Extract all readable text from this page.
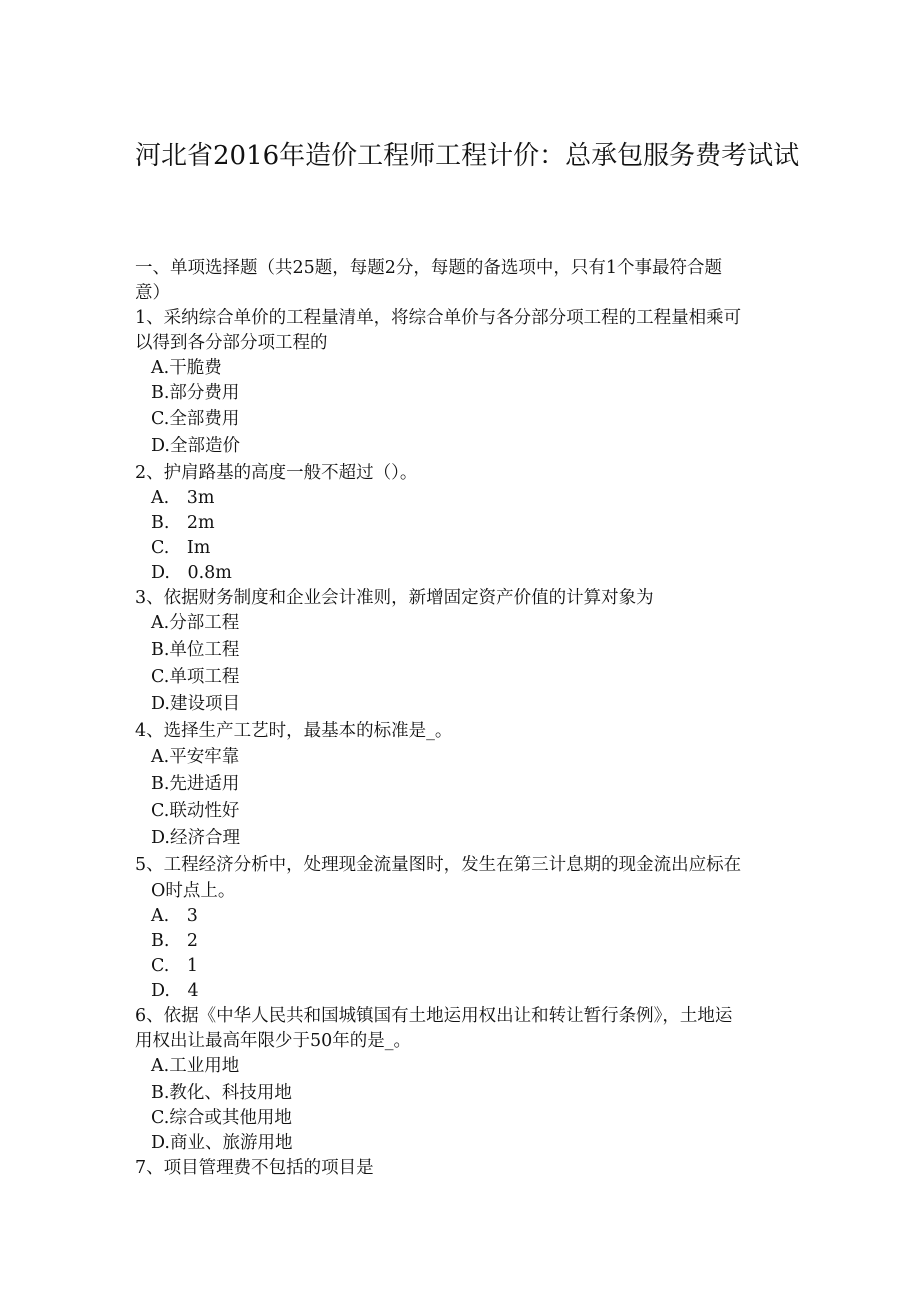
河北省2016年造价工程师工程计价：总承包服务费考试试
一、单项选择题（共25题，每题2分，每题的备选项中，只有1个事最符合题
意）
1、采纳综合单价的工程量清单，将综合单价与各分部分项工程的工程量相乘可
以得到各分部分项工程的
A.干脆费
B.部分费用
C.全部费用
D.全部造价
2、护肩路基的高度一般不超过（）。
A.　3m
B.　2m
C.　Im
D.　0.8m
3、依据财务制度和企业会计准则，新增固定资产价值的计算对象为
A.分部工程
B.单位工程
C.单项工程
D.建设项目
4、选择生产工艺时，最基本的标准是_。
A.平安牢靠
B.先进适用
C.联动性好
D.经济合理
5、工程经济分析中，处理现金流量图时，发生在第三计息期的现金流出应标在
O时点上。
A.　3
B.　2
C.　1
D.　4
6、依据《中华人民共和国城镇国有土地运用权出让和转让暂行条例》，土地运
用权出让最高年限少于50年的是_。
A.工业用地
B.教化、科技用地
C.综合或其他用地
D.商业、旅游用地
7、项目管理费不包括的项目是
